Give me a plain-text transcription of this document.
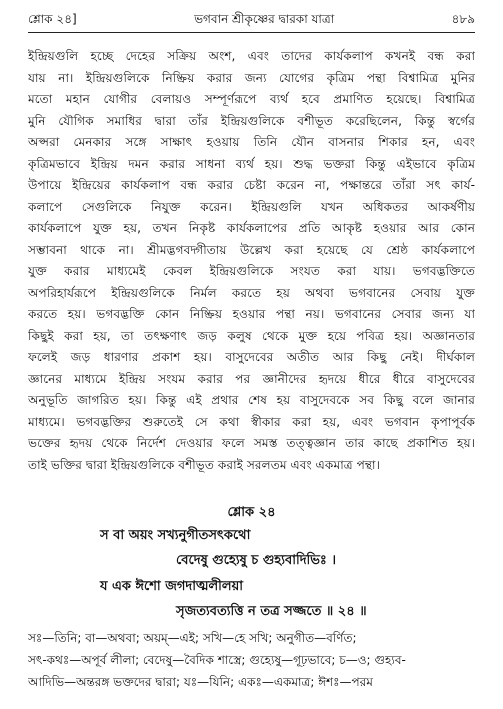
শ্লোক ২৪]	ভগবান শ্রীকৃষ্ণের দ্বারকা যাত্রা	৪৮৯
ইন্দ্রিয়গুলি হচ্ছে দেহের সক্রিয় অংশ, এবং তাদের কার্যকলাপ কখনই বন্ধ করা
যায় না। ইন্দ্রিয়গুলিকে নিষ্ক্রিয় করার জন্য যোগের কৃত্রিম পন্থা বিশ্বামিত্র মুনির
মতো মহান যোগীর বেলায়ও সম্পূর্ণরূপে ব্যর্থ হবে প্রমাণিত হয়েছে। বিশ্বামিত্র
মুনি যৌগিক সমাধির দ্বারা তাঁর ইন্দ্রিয়গুলিকে বশীভূত করেছিলেন, কিন্তু স্বর্গের
অপ্সরা মেনকার সঙ্গে সাক্ষাৎ হওয়ায় তিনি যৌন বাসনার শিকার হন, এবং
কৃত্রিমভাবে ইন্দ্রিয় দমন করার সাধনা ব্যর্থ হয়। শুদ্ধ ভক্তরা কিন্তু এইভাবে কৃত্রিম
উপায়ে ইন্দ্রিয়ের কার্যকলাপ বন্ধ করার চেষ্টা করেন না, পক্ষান্তরে তাঁরা সৎ কার্য-
কলাপে সেগুলিকে নিযুক্ত করেন। ইন্দ্রিয়গুলি যখন অধিকতর আকর্ষণীয়
কার্যকলাপে যুক্ত হয়, তখন নিকৃষ্ট কার্যকলাপের প্রতি আকৃষ্ট হওয়ার আর কোন
সম্ভাবনা থাকে না। শ্রীমদ্ভগবদ্গীতায় উল্লেখ করা হয়েছে যে শ্রেষ্ঠ কার্যকলাপে
যুক্ত করার মাধ্যমেই কেবল ইন্দ্রিয়গুলিকে সংযত করা যায়। ভগবদ্ভক্তিতে
অপরিহার্যরূপে ইন্দ্রিয়গুলিকে নির্মল করতে হয় অথবা ভগবানের সেবায় যুক্ত
করতে হয়। ভগবদ্ভক্তি কোন নিষ্ক্রিয় হওয়ার পন্থা নয়। ভগবানের সেবার জন্য যা
কিছুই করা হয়, তা তৎক্ষণাৎ জড় কলুষ থেকে মুক্ত হয়ে পবিত্র হয়। অজ্ঞানতার
ফলেই জড় ধারণার প্রকাশ হয়। বাসুদেবের অতীত আর কিছু নেই। দীর্ঘকাল
জ্ঞানের মাধ্যমে ইন্দ্রিয় সংযম করার পর জ্ঞানীদের হৃদয়ে ধীরে ধীরে বাসুদেবের
অনুভূতি জাগরিত হয়। কিন্তু এই প্রথার শেষ হয় বাসুদেবকে সব কিছু বলে জানার
মাধ্যমে। ভগবদ্ভক্তির শুরুতেই সে কথা স্বীকার করা হয়, এবং ভগবান কৃপাপূর্বক
ভক্তের হৃদয় থেকে নির্দেশ দেওয়ার ফলে সমস্ত তত্ত্বজ্ঞান তার কাছে প্রকাশিত হয়।
তাই ভক্তির দ্বারা ইন্দ্রিয়গুলিকে বশীভূত করাই সরলতম এবং একমাত্র পন্থা।
শ্লোক ২৪
স বা অয়ং সখ্যনুগীতসৎকথো
বেদেষু গুহ্যেষু চ গুহ্যবাদিভিঃ ।
য এক ঈশো জগদাত্মলীলয়া
সৃজত্যবত্যত্তি ন তত্র সজ্জতে ॥ ২৪ ॥
সঃ—তিনি; বা—অথবা; অয়ম্—এই; সখি—হে সখি; অনুগীত—বর্ণিত;
সৎ-কথঃ—অপূর্ব লীলা; বেদেষু—বৈদিক শাস্ত্রে; গুহ্যেষু—গূঢ়ভাবে; চ—ও; গুহ্যব-
আদিভি—অন্তরঙ্গ ভক্তদের দ্বারা; যঃ—যিনি; একঃ—একমাত্র; ঈশঃ—পরম
